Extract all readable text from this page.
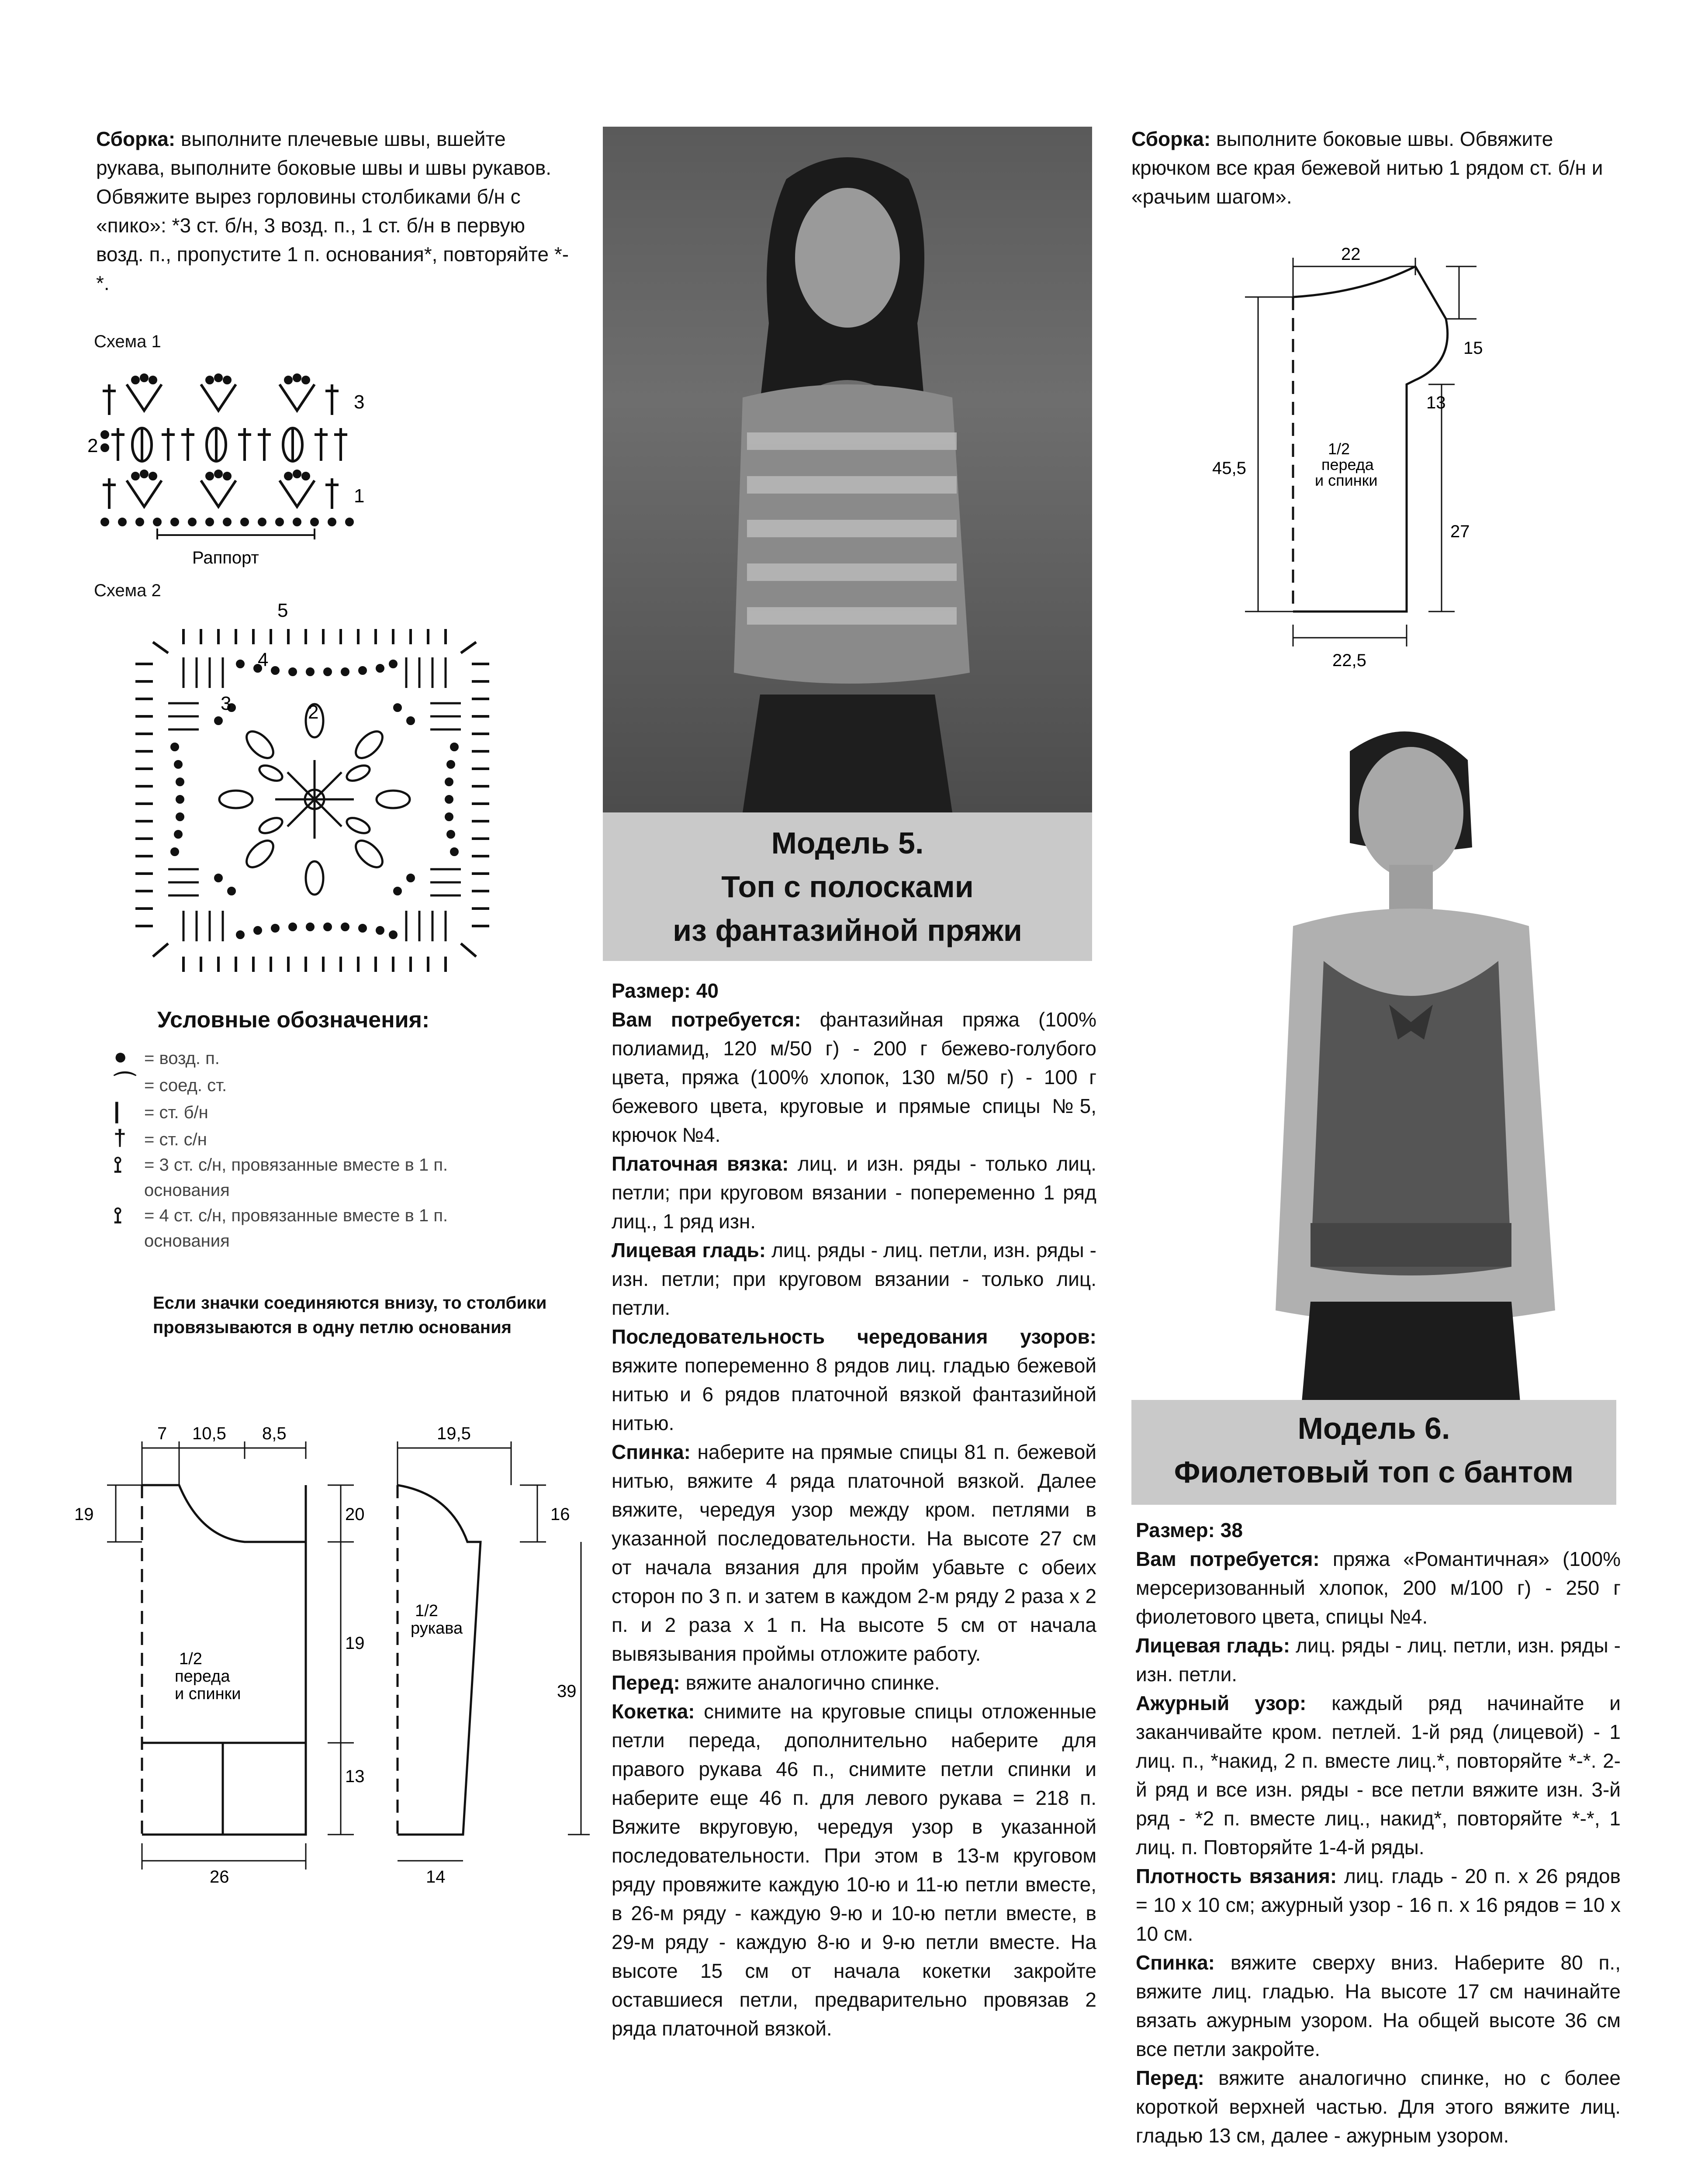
Сборка: выполните плечевые швы, вшейте рукава, выполните боковые швы и швы рукавов. Обвяжите вырез горловины столбиками б/н с «пико»: *3 ст. б/н, 3 возд. п., 1 ст. б/н в первую возд. п., пропустите 1 п. основания*, повторяйте *-*.
Схема 1
3
2
1
Раппорт
Схема 2
5
4
3	2
Условные обозначения:
● = возд. п.
⌒ = соед. ст.
| = ст. б/н
† = ст. с/н
⟟	= 3 ст. с/н, провязанные вместе в 1 п. основания
⟟	= 4 ст. с/н, провязанные вместе в 1 п. основания
Если значки соединяются внизу, то столбики провязываются в одну петлю основания
7 10,5 8,5
19	20
19
13
26
1/2
переда
и спинки
19,5
16
39
14
1/2
рукава
Модель 5.
Топ с полосками
из фантазийной пряжи
Размер: 40
Вам потребуется: фантазийная пряжа (100% полиамид, 120 м/50 г) - 200 г бежево-голубого цвета, пряжа (100% хлопок, 130 м/50 г) - 100 г бежевого цвета, круговые и прямые спицы №5, крючок №4.
Платочная вязка: лиц. и изн. ряды - только лиц. петли; при круговом вязании - попеременно 1 ряд лиц., 1 ряд изн.
Лицевая гладь: лиц. ряды - лиц. петли, изн. ряды - изн. петли; при круговом вязании - только лиц. петли.
Последовательность чередования узоров: вяжите попеременно 8 рядов лиц. гладью бежевой нитью и 6 рядов платочной вязкой фантазийной нитью.
Спинка: наберите на прямые спицы 81 п. бежевой нитью, вяжите 4 ряда платочной вязкой. Далее вяжите, чередуя узор между кром. петлями в указанной последовательности. На высоте 27 см от начала вязания для пройм убавьте с обеих сторон по 3 п. и затем в каждом 2-м ряду 2 раза x 2 п. и 2 раза x 1 п. На высоте 5 см от начала вывязывания проймы отложите работу.
Перед: вяжите аналогично спинке.
Кокетка: снимите на круговые спицы отложенные петли переда, дополнительно наберите для правого рукава 46 п., снимите петли спинки и наберите еще 46 п. для левого рукава = 218 п. Вяжите вкруговую, чередуя узор в указанной последовательности. При этом в 13-м круговом ряду провяжите каждую 10-ю и 11-ю петли вместе, в 26-м ряду - каждую 9-ю и 10-ю петли вместе, в 29-м ряду - каждую 8-ю и 9-ю петли вместе. На высоте 15 см от начала кокетки закройте оставшиеся петли, предварительно провязав 2 ряда платочной вязкой.
Сборка: выполните боковые швы. Обвяжите крючком все края бежевой нитью 1 рядом ст. б/н и «рачьим шагом».
22
15
13
45,5
27
22,5
1/2
переда
и спинки
Модель 6.
Фиолетовый топ с бантом
Размер: 38
Вам потребуется: пряжа «Романтичная» (100% мерсеризованный хлопок, 200 м/100 г) - 250 г фиолетового цвета, спицы №4.
Лицевая гладь: лиц. ряды - лиц. петли, изн. ряды - изн. петли.
Ажурный узор: каждый ряд начинайте и заканчивайте кром. петлей. 1-й ряд (лицевой) - 1 лиц. п., *накид, 2 п. вместе лиц.*, повторяйте *-*. 2-й ряд и все изн. ряды - все петли вяжите изн. 3-й ряд - *2 п. вместе лиц., накид*, повторяйте *-*, 1 лиц. п. Повторяйте 1-4-й ряды.
Плотность вязания: лиц. гладь - 20 п. x 26 рядов = 10 x 10 см; ажурный узор - 16 п. x 16 рядов = 10 x 10 см.
Спинка: вяжите сверху вниз. Наберите 80 п., вяжите лиц. гладью. На высоте 17 см начинайте вязать ажурным узором. На общей высоте 36 см все петли закройте.
Перед: вяжите аналогично спинке, но с более короткой верхней частью. Для этого вяжите лиц. гладью 13 см, далее - ажурным узором.
